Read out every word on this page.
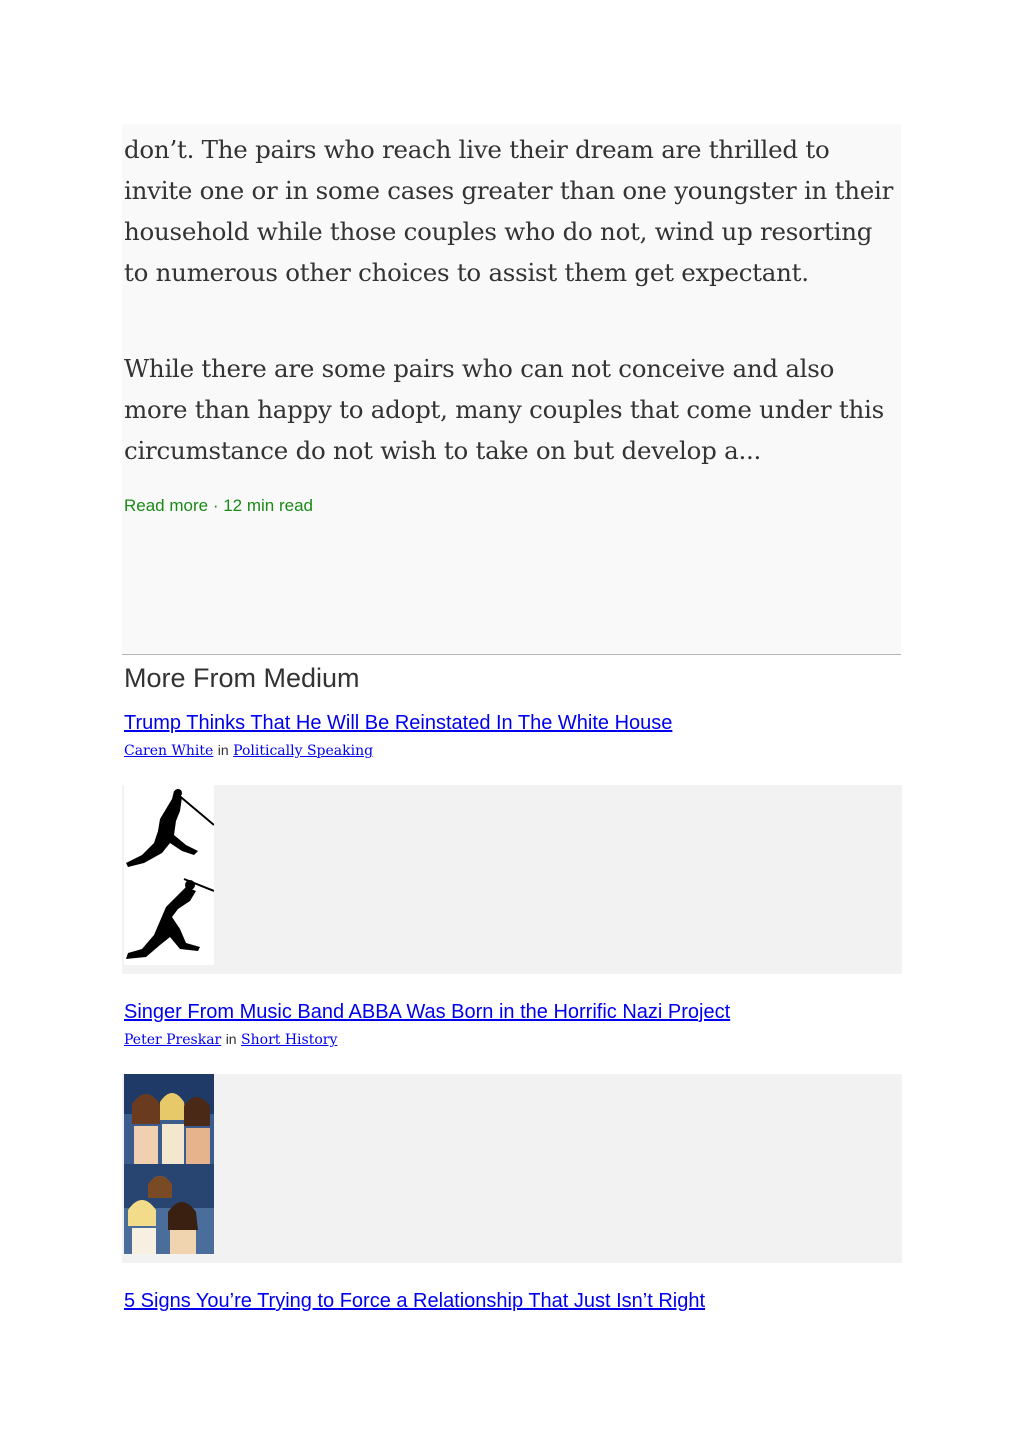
don’t. The pairs who reach live their dream are thrilled to invite one or in some cases greater than one youngster in their household while those couples who do not, wind up resorting to numerous other choices to assist them get expectant.

While there are some pairs who can not conceive and also more than happy to adopt, many couples that come under this circumstance do not wish to take on but develop a...

Read more · 12 min read
More From Medium
Trump Thinks That He Will Be Reinstated In The White House
Caren White in Politically Speaking
Singer From Music Band ABBA Was Born in the Horrific Nazi Project
Peter Preskar in Short History
5 Signs You’re Trying to Force a Relationship That Just Isn’t Right
